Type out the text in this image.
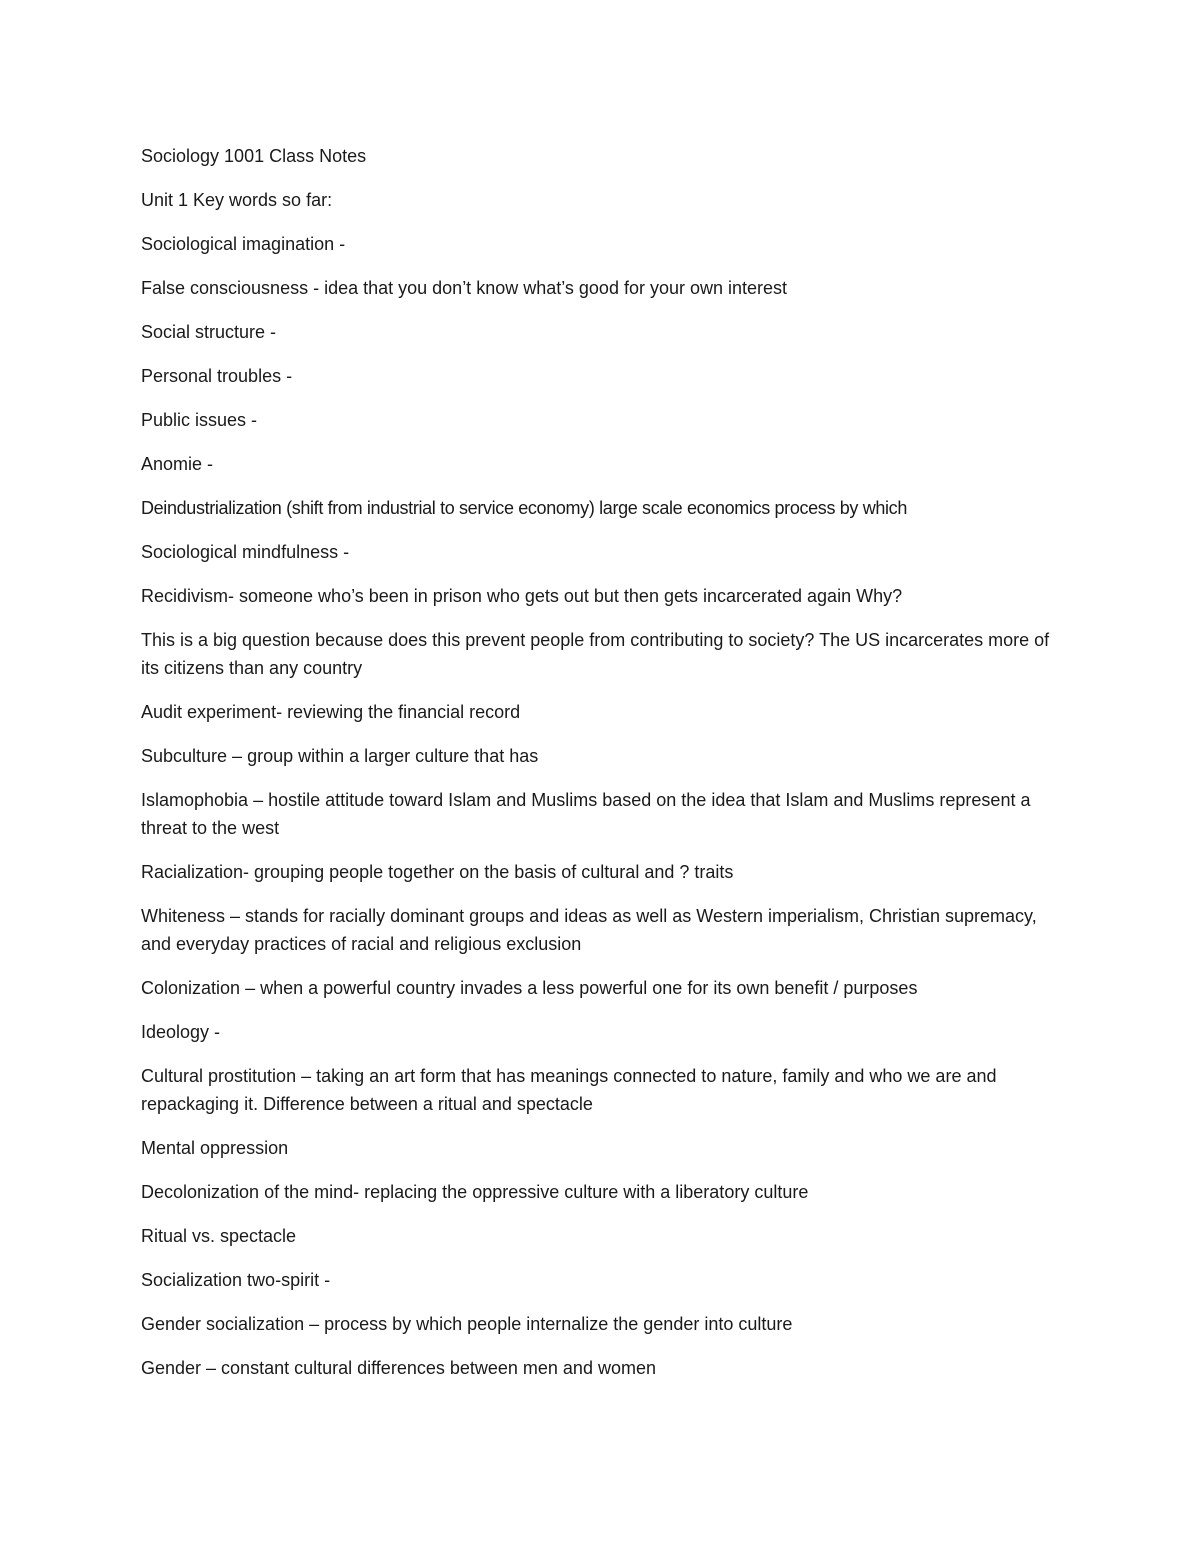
Sociology 1001 Class Notes

Unit 1 Key words so far:

Sociological imagination -

False consciousness - idea that you don’t know what’s good for your own interest

Social structure -

Personal troubles -

Public issues -

Anomie -

Deindustrialization (shift from industrial to service economy) large scale economics process by which

Sociological mindfulness -

Recidivism- someone who’s been in prison who gets out but then gets incarcerated again Why?

This is a big question because does this prevent people from contributing to society? The US incarcerates more of its citizens than any country

Audit experiment- reviewing the financial record

Subculture – group within a larger culture that has

Islamophobia – hostile attitude toward Islam and Muslims based on the idea that Islam and Muslims represent a threat to the west

Racialization- grouping people together on the basis of cultural and ? traits

Whiteness – stands for racially dominant groups and ideas as well as Western imperialism, Christian supremacy, and everyday practices of racial and religious exclusion

Colonization – when a powerful country invades a less powerful one for its own benefit / purposes

Ideology -

Cultural prostitution – taking an art form that has meanings connected to nature, family and who we are and repackaging it. Difference between a ritual and spectacle

Mental oppression

Decolonization of the mind- replacing the oppressive culture with a liberatory culture

Ritual vs. spectacle

Socialization two-spirit -

Gender socialization – process by which people internalize the gender into culture

Gender – constant cultural differences between men and women
